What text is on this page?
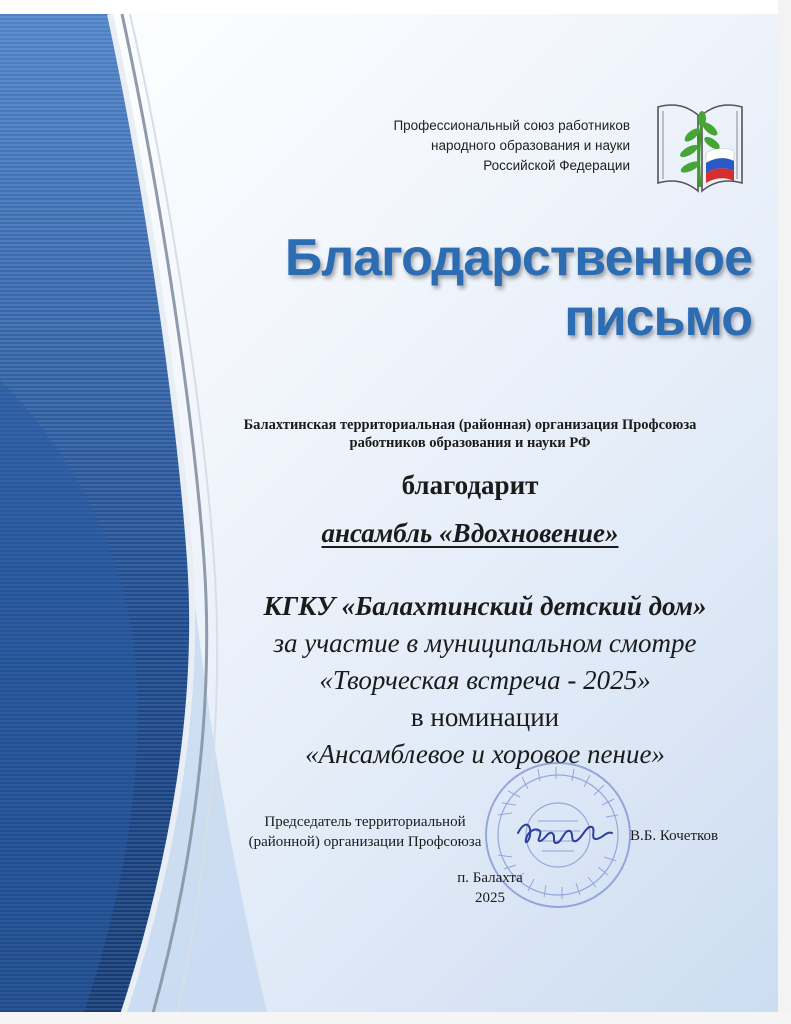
Профессиональный союз работников
народного образования и науки
Российской Федерации
Благодарственное
письмо
Балахтинская территориальная (районная) организация Профсоюза
работников образования и науки РФ
благодарит
ансамбль «Вдохновение»
КГКУ «Балахтинский детский дом»
за участие в муниципальном смотре
«Творческая встреча - 2025»
в номинации
«Ансамблевое и хоровое пение»
Председатель территориальной
(районной) организации Профсоюза	В.Б. Кочетков
п. Балахта
2025
